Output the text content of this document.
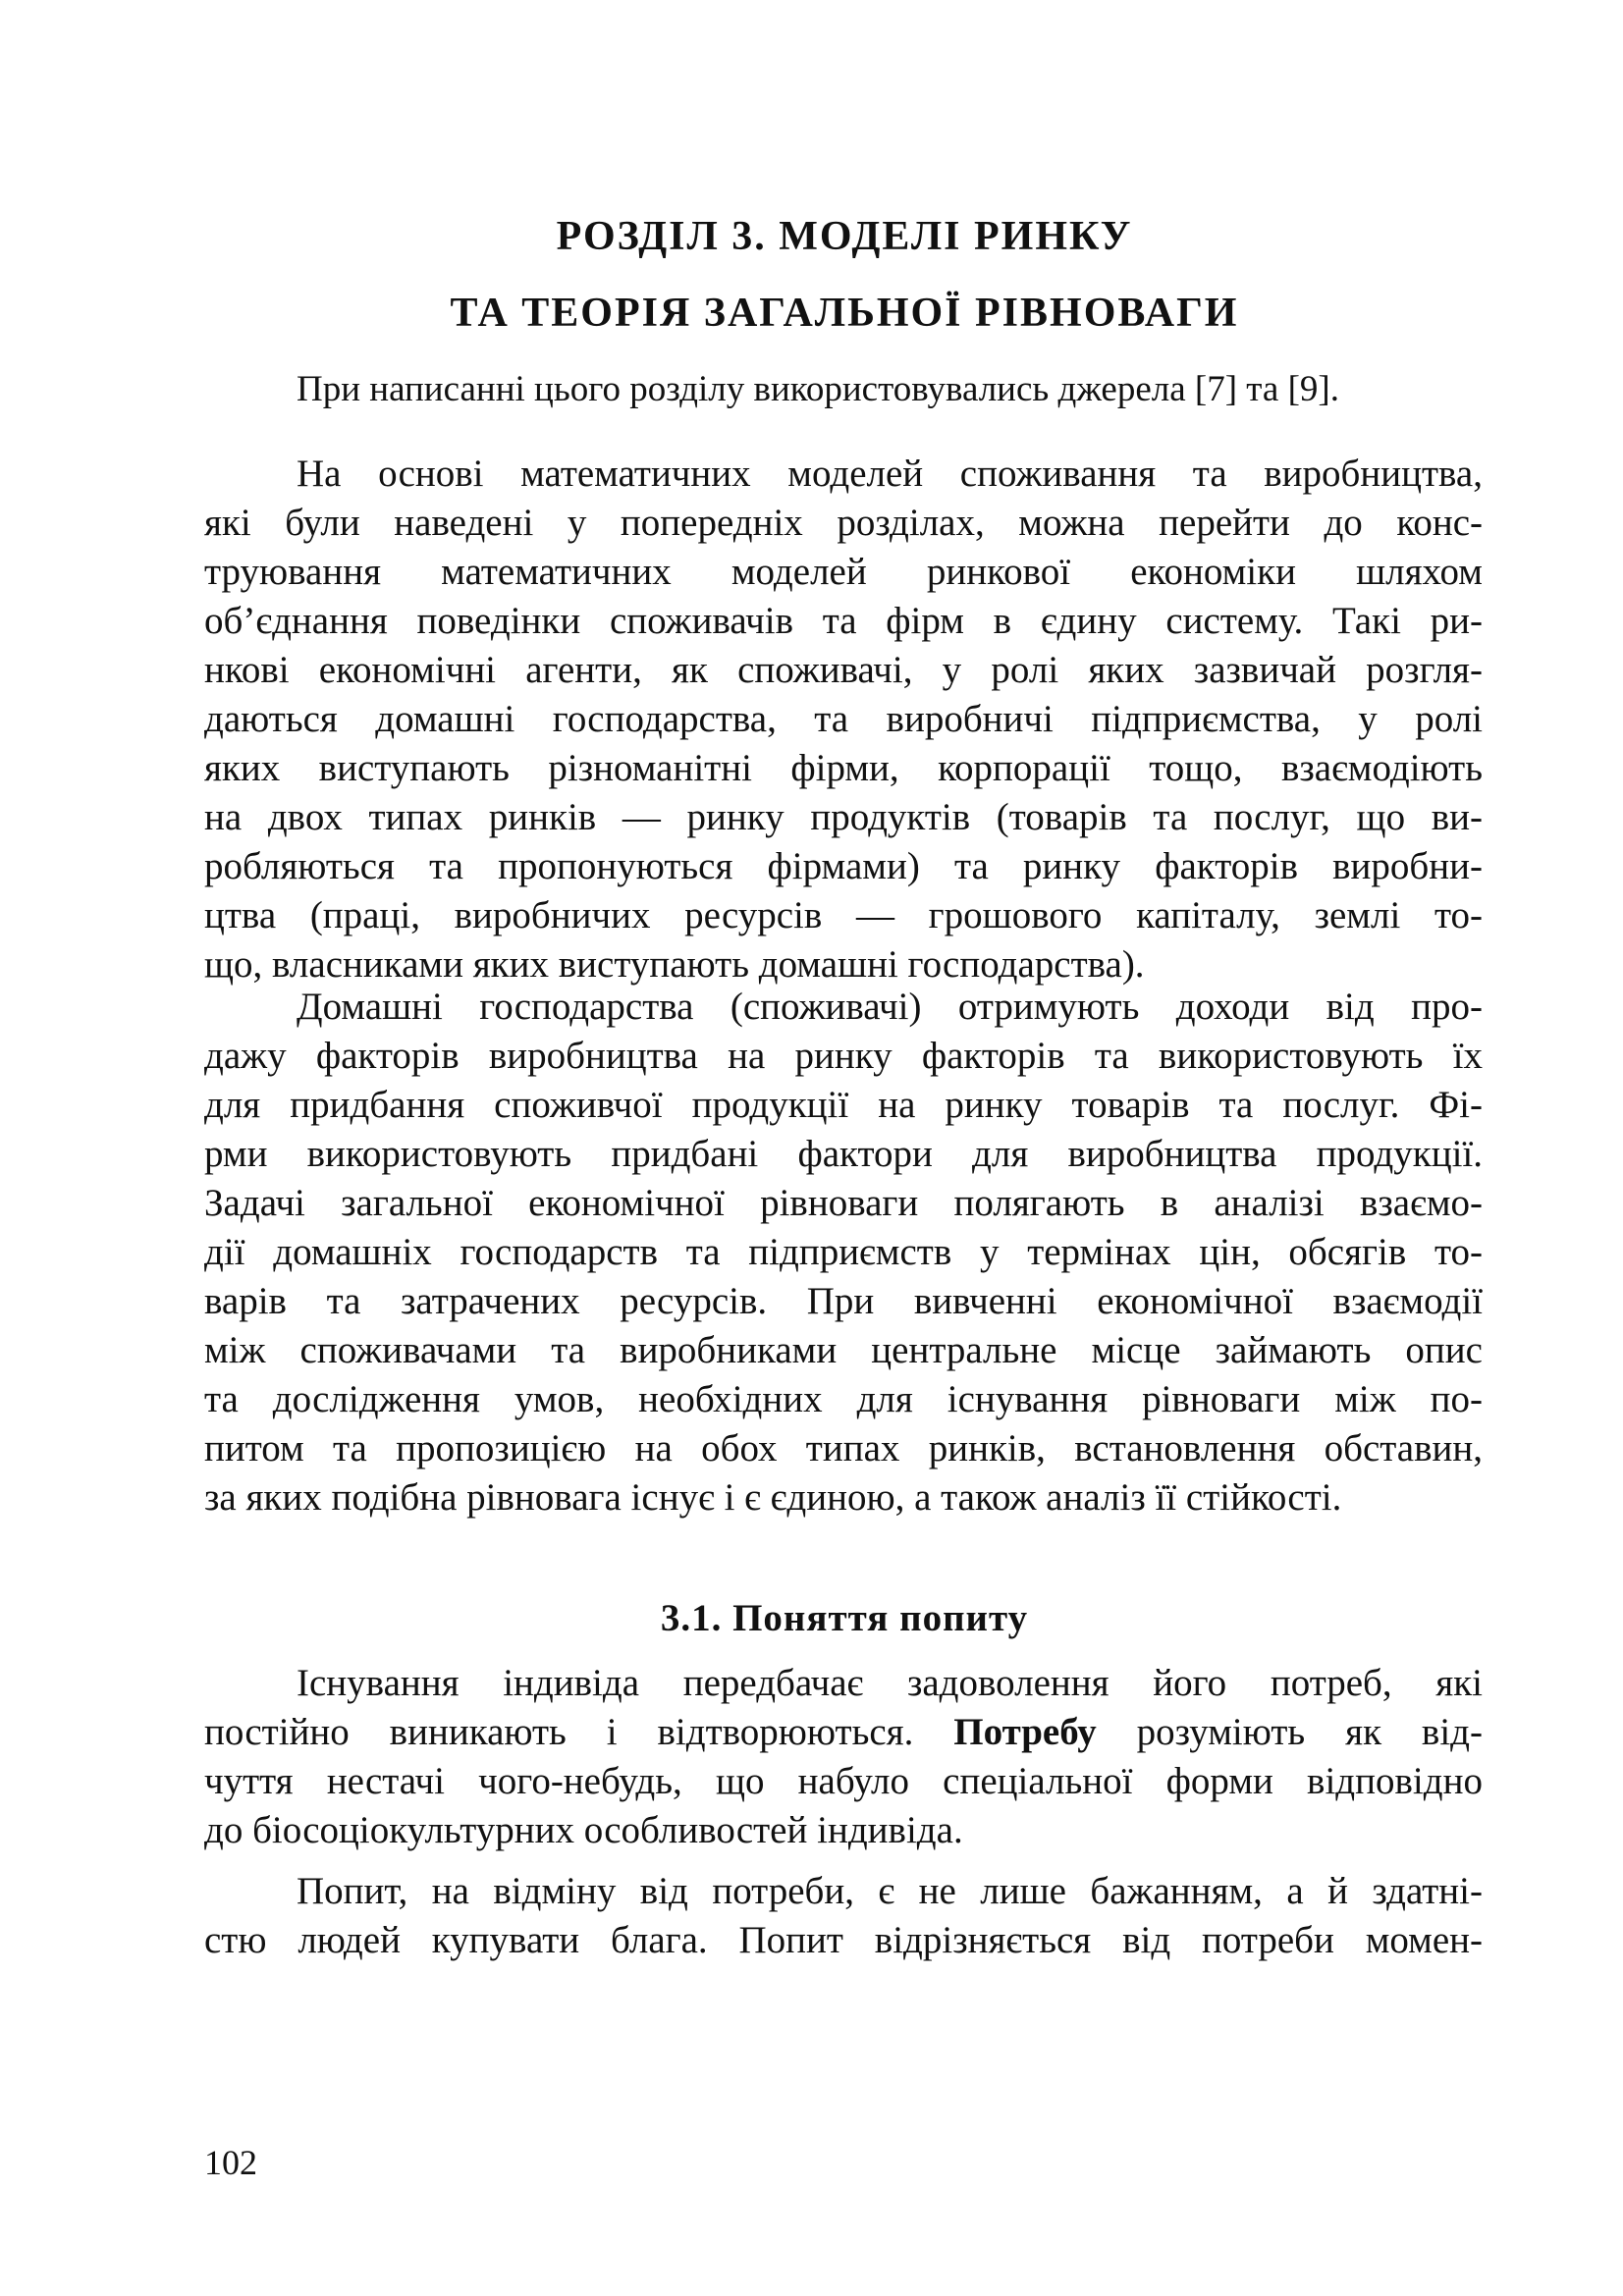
РОЗДІЛ 3. МОДЕЛІ РИНКУ
ТА ТЕОРІЯ ЗАГАЛЬНОЇ РІВНОВАГИ
При написанні цього розділу використовувались джерела [7] та [9].
На основі математичних моделей споживання та виробництва,
які були наведені у попередніх розділах, можна перейти до конс-
труювання математичних моделей ринкової економіки шляхом
об’єднання поведінки споживачів та фірм в єдину систему. Такі ри-
нкові економічні агенти, як споживачі, у ролі яких зазвичай розгля-
даються домашні господарства, та виробничі підприємства, у ролі
яких виступають різноманітні фірми, корпорації тощо, взаємодіють
на двох типах ринків — ринку продуктів (товарів та послуг, що ви-
робляються та пропонуються фірмами) та ринку факторів виробни-
цтва (праці, виробничих ресурсів — грошового капіталу, землі то-
що, власниками яких виступають домашні господарства).
Домашні господарства (споживачі) отримують доходи від про-
дажу факторів виробництва на ринку факторів та використовують їх
для придбання споживчої продукції на ринку товарів та послуг. Фі-
рми використовують придбані фактори для виробництва продукції.
Задачі загальної економічної рівноваги полягають в аналізі взаємо-
дії домашніх господарств та підприємств у термінах цін, обсягів то-
варів та затрачених ресурсів. При вивченні економічної взаємодії
між споживачами та виробниками центральне місце займають опис
та дослідження умов, необхідних для існування рівноваги між по-
питом та пропозицією на обох типах ринків, встановлення обставин,
за яких подібна рівновага існує і є єдиною, а також аналіз її стійкості.
3.1. Поняття попиту
Існування індивіда передбачає задоволення його потреб, які
постійно виникають і відтворюються. Потребу розуміють як від-
чуття нестачі чого-небудь, що набуло спеціальної форми відповідно
до біосоціокультурних особливостей індивіда.
Попит, на відміну від потреби, є не лише бажанням, а й здатні-
стю людей купувати блага. Попит відрізняється від потреби момен-
102
